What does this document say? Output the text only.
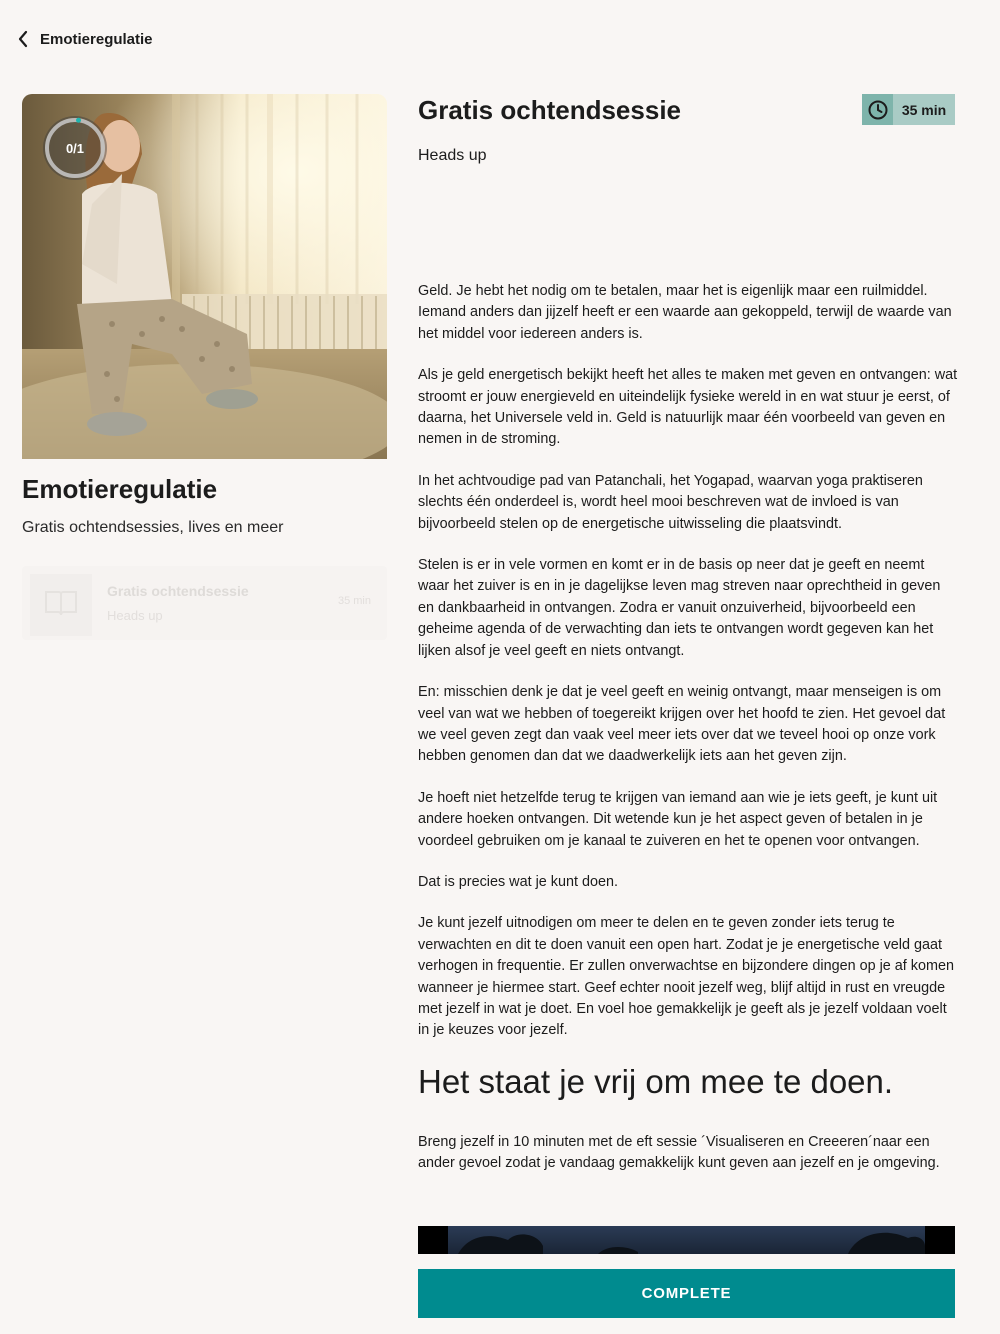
Emotieregulatie
0/1
Emotieregulatie

Gratis ochtendsessies, lives en meer

Gratis ochtendsessie
Heads up
35 min
Gratis ochtendsessie	35 min

Heads up

Geld. Je hebt het nodig om te betalen, maar het is eigenlijk maar een ruilmiddel. Iemand anders dan jijzelf heeft er een waarde aan gekoppeld, terwijl de waarde van het middel voor iedereen anders is.

Als je geld energetisch bekijkt heeft het alles te maken met geven en ontvangen: wat stroomt er jouw energieveld en uiteindelijk fysieke wereld in en wat stuur je eerst, of daarna, het Universele veld in. Geld is natuurlijk maar één voorbeeld van geven en nemen in de stroming.

In het achtvoudige pad van Patanchali, het Yogapad, waarvan yoga praktiseren slechts één onderdeel is, wordt heel mooi beschreven wat de invloed is van bijvoorbeeld stelen op de energetische uitwisseling die plaatsvindt.

Stelen is er in vele vormen en komt er in de basis op neer dat je geeft en neemt waar het zuiver is en in je dagelijkse leven mag streven naar oprechtheid in geven en dankbaarheid in ontvangen. Zodra er vanuit onzuiverheid, bijvoorbeeld een geheime agenda of de verwachting dan iets te ontvangen wordt gegeven kan het lijken alsof je veel geeft en niets ontvangt.

En: misschien denk je dat je veel geeft en weinig ontvangt, maar menseigen is om veel van wat we hebben of toegereikt krijgen over het hoofd te zien. Het gevoel dat we veel geven zegt dan vaak veel meer iets over dat we teveel hooi op onze vork hebben genomen dan dat we daadwerkelijk iets aan het geven zijn.

Je hoeft niet hetzelfde terug te krijgen van iemand aan wie je iets geeft, je kunt uit andere hoeken ontvangen. Dit wetende kun je het aspect geven of betalen in je voordeel gebruiken om je kanaal te zuiveren en het te openen voor ontvangen.

Dat is precies wat je kunt doen.

Je kunt jezelf uitnodigen om meer te delen en te geven zonder iets terug te verwachten en dit te doen vanuit een open hart. Zodat je je energetische veld gaat verhogen in frequentie. Er zullen onverwachtse en bijzondere dingen op je af komen wanneer je hiermee start. Geef echter nooit jezelf weg, blijf altijd in rust en vreugde met jezelf in wat je doet. En voel hoe gemakkelijk je geeft als je jezelf voldaan voelt in je keuzes voor jezelf.

Het staat je vrij om mee te doen.

Breng jezelf in 10 minuten met de eft sessie ´Visualiseren en Creeeren´naar een ander gevoel zodat je vandaag gemakkelijk kunt geven aan jezelf en je omgeving.

COMPLETE
